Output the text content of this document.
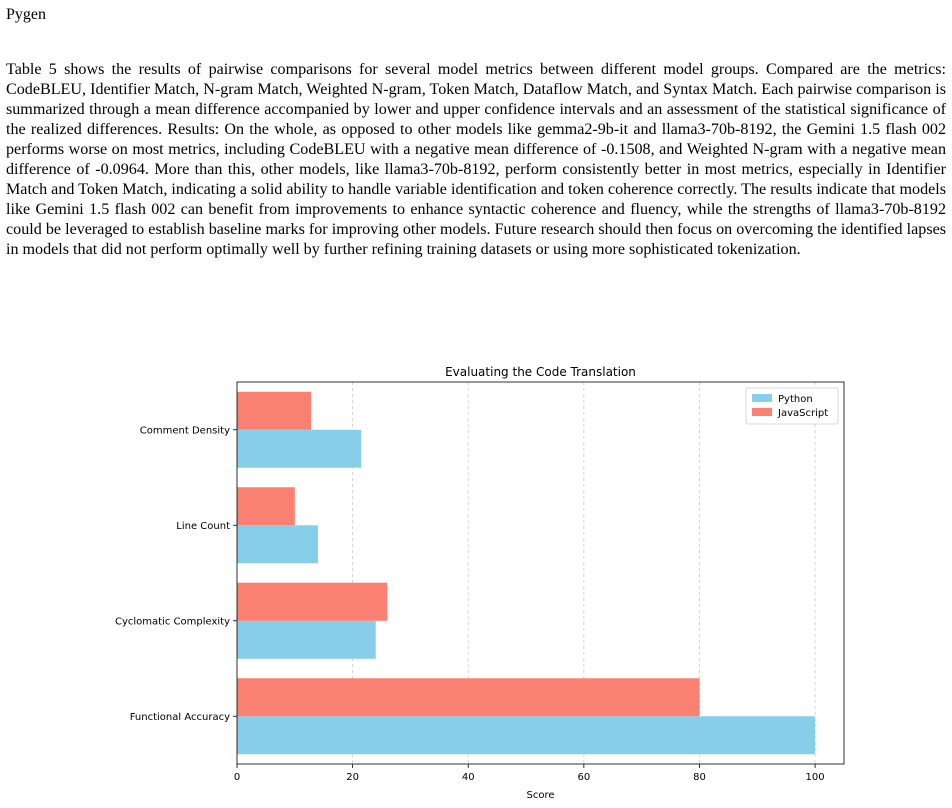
Pygen
Table 5 shows the results of pairwise comparisons for several model metrics between different model groups. Compared are the metrics: CodeBLEU, Identifier Match, N-gram Match, Weighted N-gram, Token Match, Dataflow Match, and Syntax Match. Each pairwise comparison is summarized through a mean difference accompanied by lower and upper confidence intervals and an assessment of the statistical significance of the realized differences. Results: On the whole, as opposed to other models like gemma2-9b-it and llama3-70b-8192, the Gemini 1.5 flash 002 performs worse on most metrics, including CodeBLEU with a negative mean difference of -0.1508, and Weighted N-gram with a negative mean difference of -0.0964. More than this, other models, like llama3-70b-8192, perform consistently better in most metrics, especially in Identifier Match and Token Match, indicating a solid ability to handle variable identification and token coherence correctly. The results indicate that models like Gemini 1.5 flash 002 can benefit from improvements to enhance syntactic coherence and fluency, while the strengths of llama3-70b-8192 could be leveraged to establish baseline marks for improving other models. Future research should then focus on overcoming the identified lapses in models that did not perform optimally well by further refining training datasets or using more sophisticated tokenization.
Functional Accuracy
Cyclomatic Complexity
Line Count
Comment Density
0	20	40	60	80	100
Score
Evaluating the Code Translation
Python
JavaScript
